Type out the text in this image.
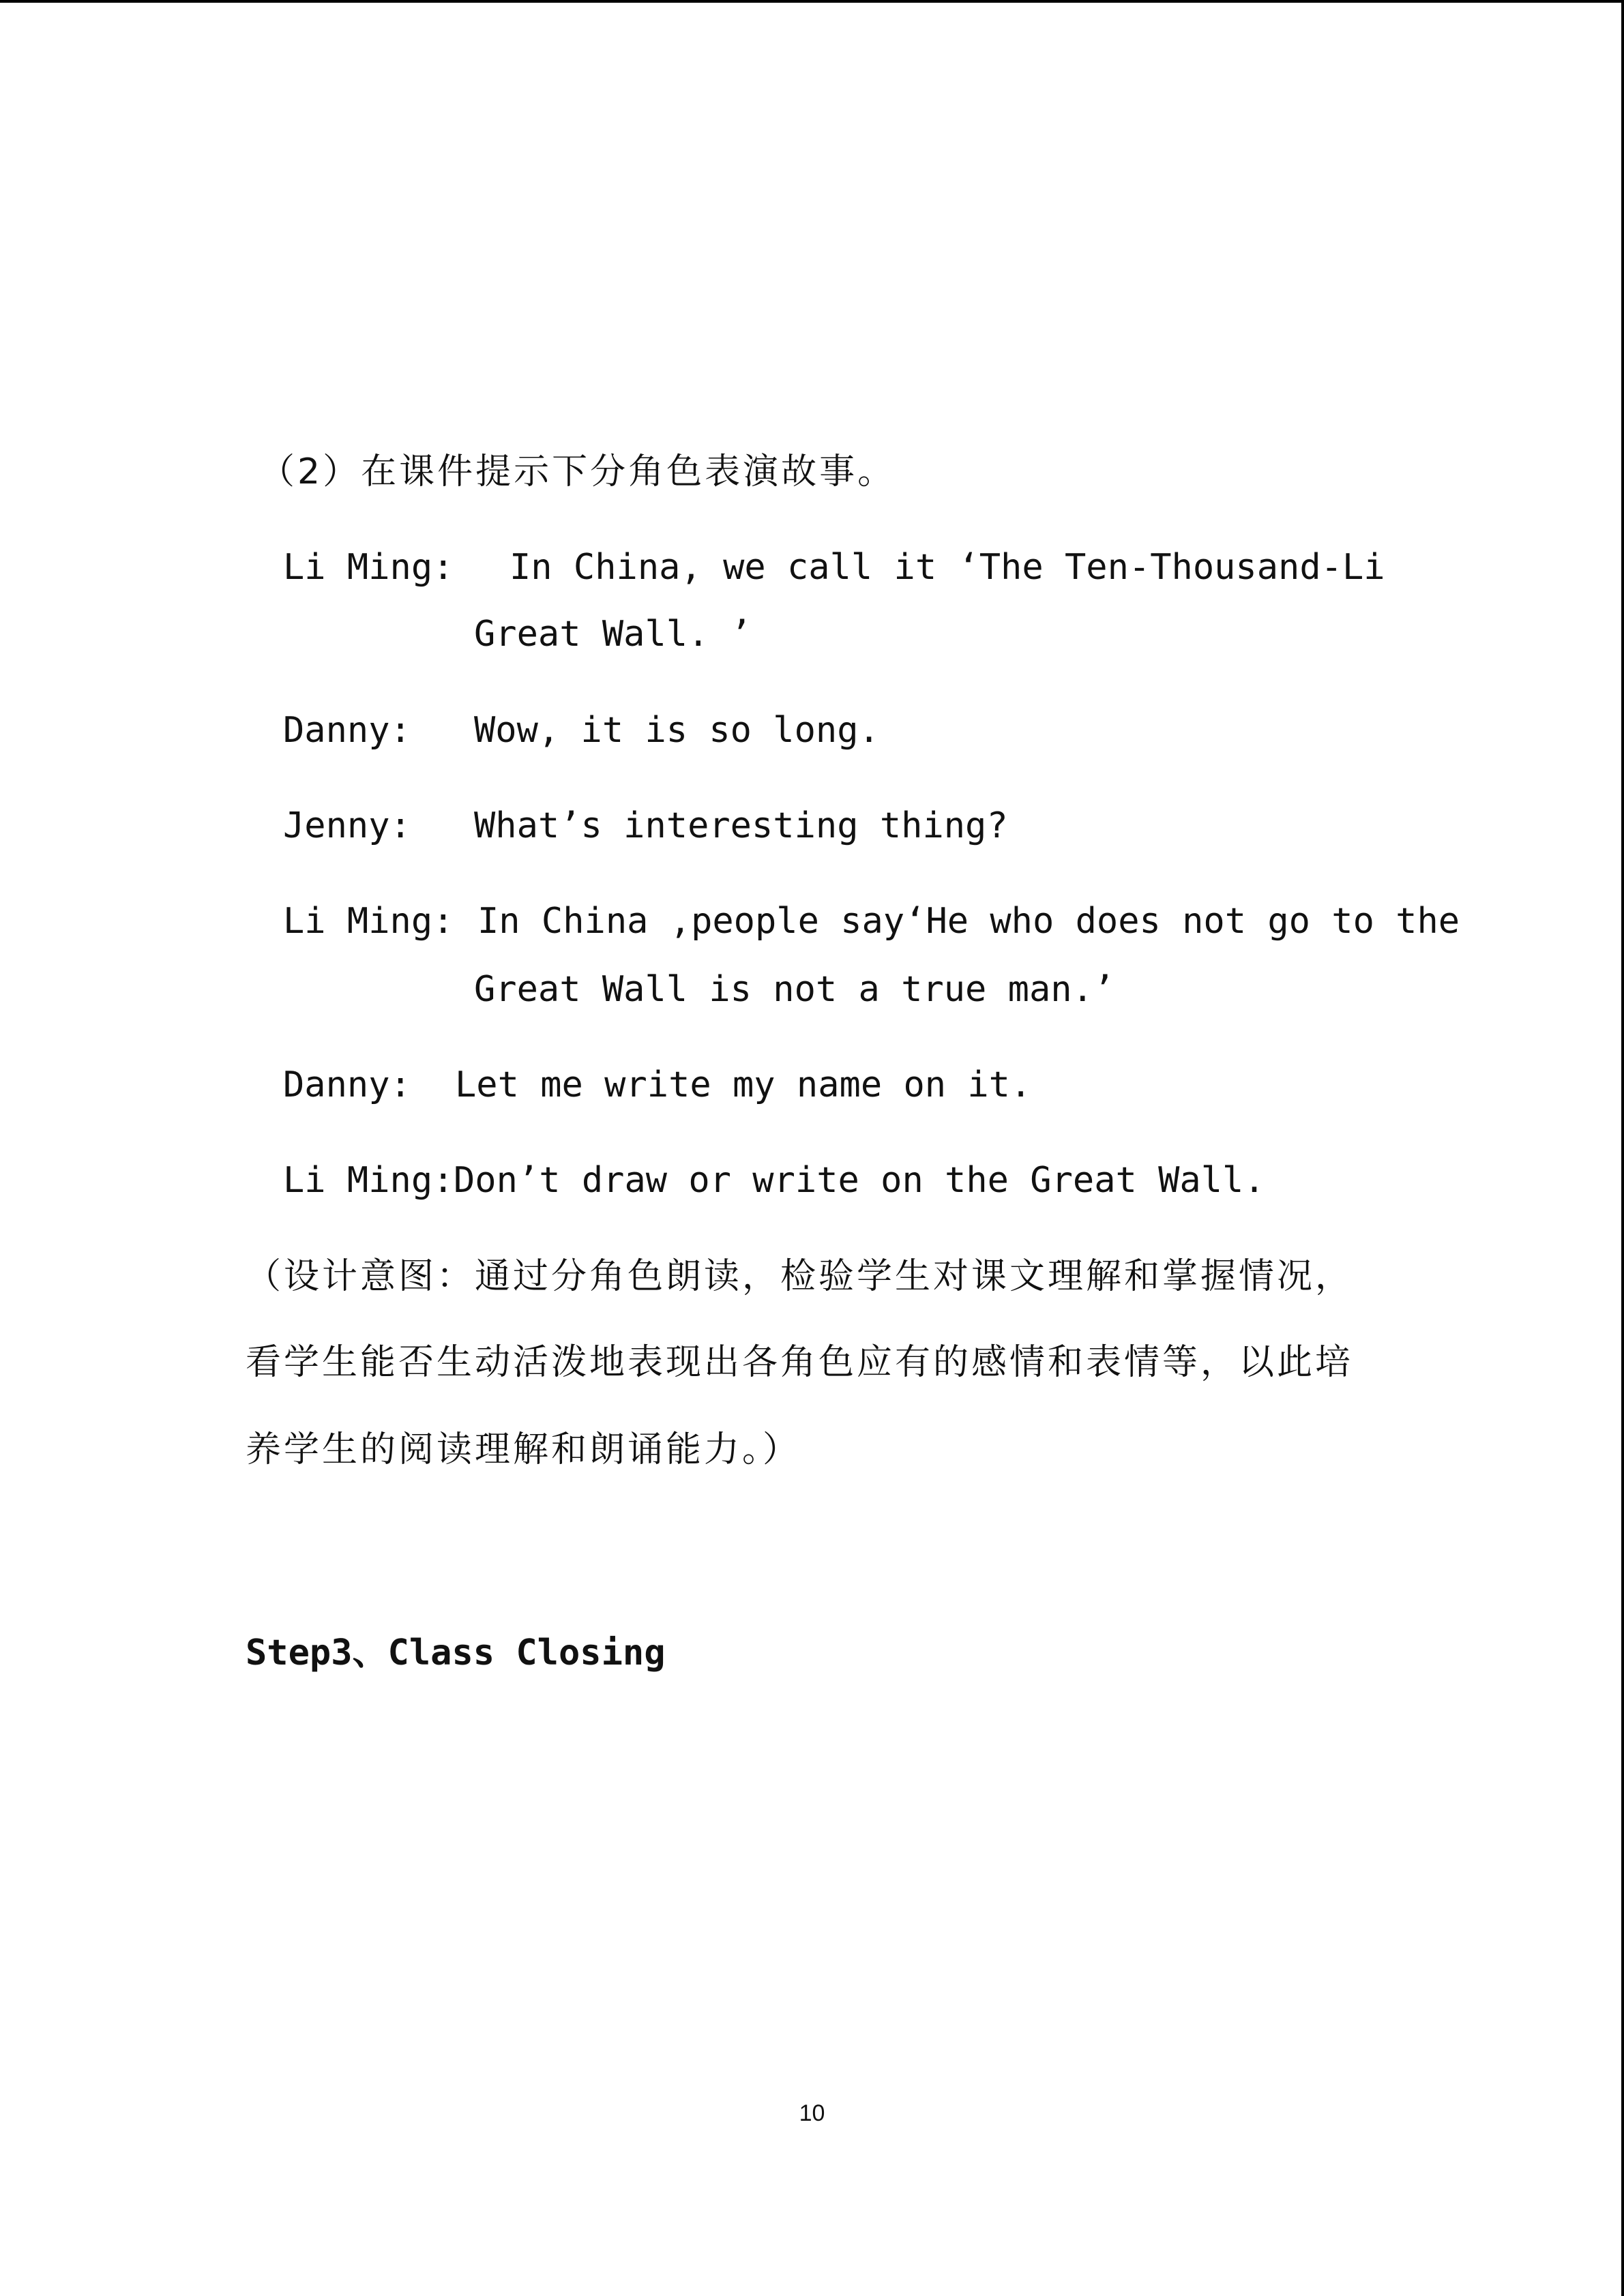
（2）在课件提示下分角色表演故事。
Li Ming: In China, we call it ‘The Ten-Thousand-Li
Great Wall. ’
Danny: Wow, it is so long.
Jenny: What’s interesting thing?
Li Ming: In China ,people say‘He who does not go to the
Great Wall is not a true man.’
Danny: Let me write my name on it.
Li Ming: Don’t draw or write on the Great Wall.
（设计意图：通过分角色朗读，检验学生对课文理解和掌握情况，
看学生能否生动活泼地表现出各角色应有的感情和表情等，以此培
养学生的阅读理解和朗诵能力。）
Step3、Class Closing
10
